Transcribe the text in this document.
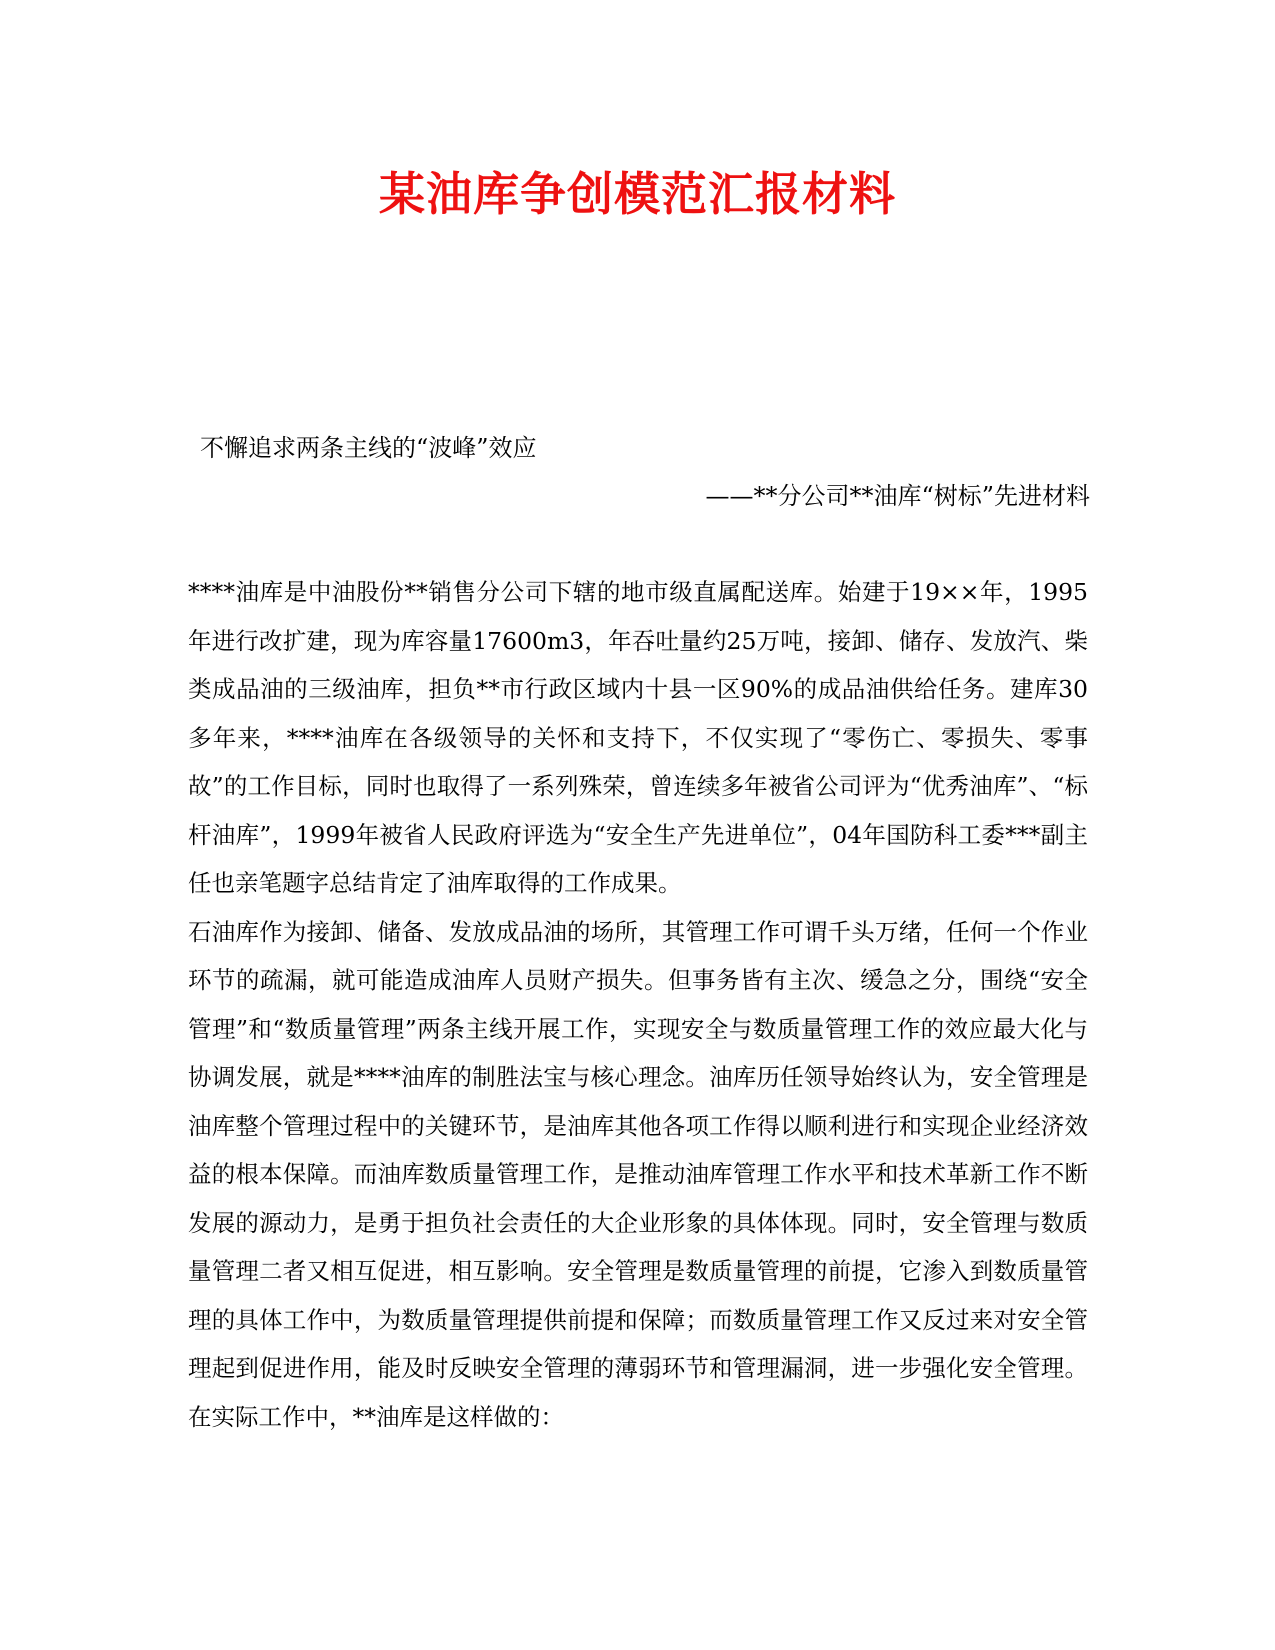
某油库争创模范汇报材料

不懈追求两条主线的“波峰”效应

——**分公司**油库“树标”先进材料

****油库是中油股份**销售分公司下辖的地市级直属配送库。始建于19××年，1995年进行改扩建，现为库容量17600m3，年吞吐量约25万吨，接卸、储存、发放汽、柴类成品油的三级油库，担负**市行政区域内十县一区90%的成品油供给任务。建库30多年来，****油库在各级领导的关怀和支持下，不仅实现了“零伤亡、零损失、零事故”的工作目标，同时也取得了一系列殊荣，曾连续多年被省公司评为“优秀油库”、“标杆油库”，1999年被省人民政府评选为“安全生产先进单位”，04年国防科工委***副主任也亲笔题字总结肯定了油库取得的工作成果。

石油库作为接卸、储备、发放成品油的场所，其管理工作可谓千头万绪，任何一个作业环节的疏漏，就可能造成油库人员财产损失。但事务皆有主次、缓急之分，围绕“安全管理”和“数质量管理”两条主线开展工作，实现安全与数质量管理工作的效应最大化与协调发展，就是****油库的制胜法宝与核心理念。油库历任领导始终认为，安全管理是油库整个管理过程中的关键环节，是油库其他各项工作得以顺利进行和实现企业经济效益的根本保障。而油库数质量管理工作，是推动油库管理工作水平和技术革新工作不断发展的源动力，是勇于担负社会责任的大企业形象的具体体现。同时，安全管理与数质量管理二者又相互促进，相互影响。安全管理是数质量管理的前提，它渗入到数质量管理的具体工作中，为数质量管理提供前提和保障；而数质量管理工作又反过来对安全管理起到促进作用，能及时反映安全管理的薄弱环节和管理漏洞，进一步强化安全管理。在实际工作中，**油库是这样做的：
